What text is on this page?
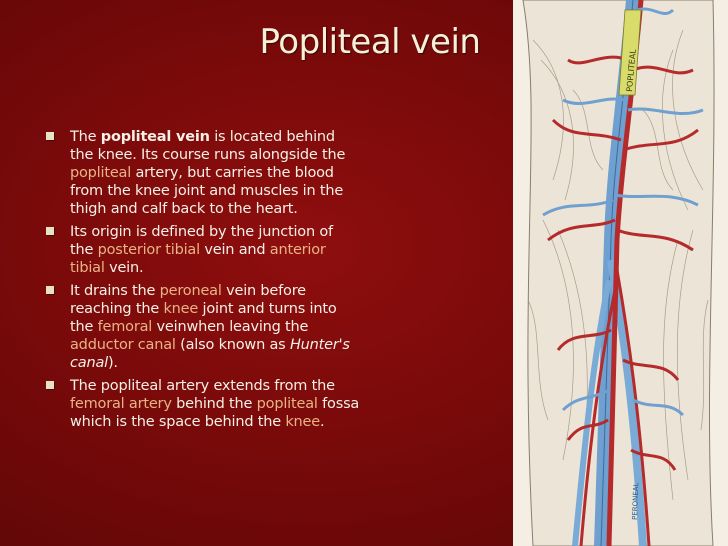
Popliteal vein
The popliteal vein is located behind the knee. Its course runs alongside the popliteal artery, but carries the blood from the knee joint and muscles in the thigh and calf back to the heart.
Its origin is defined by the junction of the posterior tibial vein and anterior tibial vein.
It drains the peroneal vein before reaching the knee joint and turns into the femoral veinwhen leaving the adductor canal (also known as Hunter's canal).
The popliteal artery extends from the femoral artery behind the popliteal fossa which is the space behind the knee.
POPLITEAL
PERONEAL
